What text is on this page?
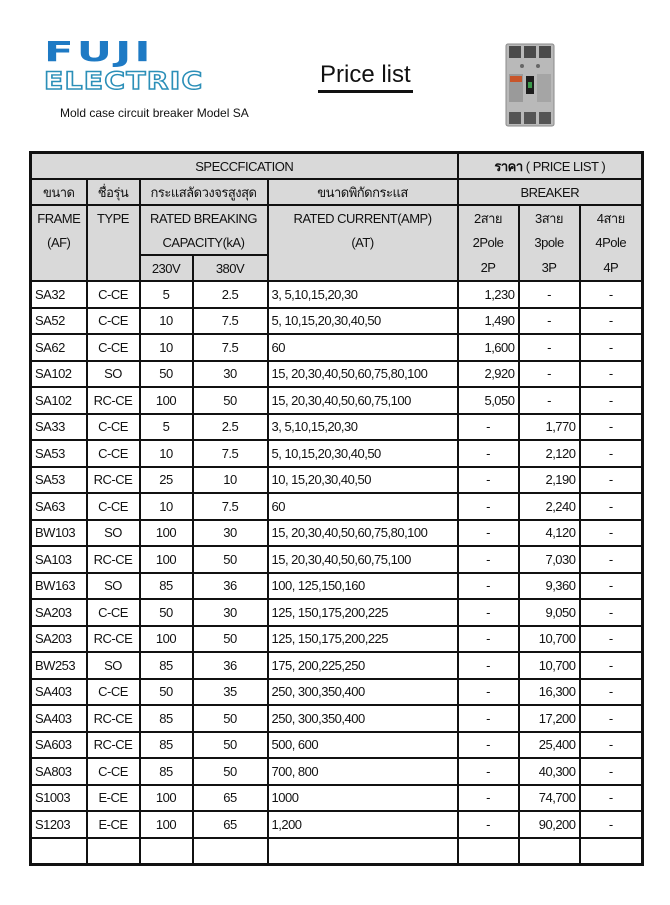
FUJI
ELECTRIC
Mold case circuit breaker Model SA
Price list
SPECCFICATION					ราคา ( PRICE LIST )		
ขนาด	ชื่อรุ่น	กระแสลัดวงจรสูงสุด		ขนาดพิกัดกระแส	BREAKER		
FRAME	TYPE	RATED BREAKING		RATED CURRENT(AMP)	2สาย	3สาย	4สาย
(AF)		CAPACITY(kA)		(AT)	2Pole	3pole	4Pole
		230V	380V		2P	3P	4P
SA32	C-CE	5	2.5	3, 5,10,15,20,30	1,230	-	-
SA52	C-CE	10	7.5	5, 10,15,20,30,40,50	1,490	-	-
SA62	C-CE	10	7.5	60	1,600	-	-
SA102	SO	50	30	15, 20,30,40,50,60,75,80,100	2,920	-	-
SA102	RC-CE	100	50	15, 20,30,40,50,60,75,100	5,050	-	-
SA33	C-CE	5	2.5	3, 5,10,15,20,30	-	1,770	-
SA53	C-CE	10	7.5	5, 10,15,20,30,40,50	-	2,120	-
SA53	RC-CE	25	10	10, 15,20,30,40,50	-	2,190	-
SA63	C-CE	10	7.5	60	-	2,240	-
BW103	SO	100	30	15, 20,30,40,50,60,75,80,100	-	4,120	-
SA103	RC-CE	100	50	15, 20,30,40,50,60,75,100	-	7,030	-
BW163	SO	85	36	100, 125,150,160	-	9,360	-
SA203	C-CE	50	30	125, 150,175,200,225	-	9,050	-
SA203	RC-CE	100	50	125, 150,175,200,225	-	10,700	-
BW253	SO	85	36	175, 200,225,250	-	10,700	-
SA403	C-CE	50	35	250, 300,350,400	-	16,300	-
SA403	RC-CE	85	50	250, 300,350,400	-	17,200	-
SA603	RC-CE	85	50	500, 600	-	25,400	-
SA803	C-CE	85	50	700, 800	-	40,300	-
S1003	E-CE	100	65	1000	-	74,700	-
S1203	E-CE	100	65	1,200	-	90,200	-
